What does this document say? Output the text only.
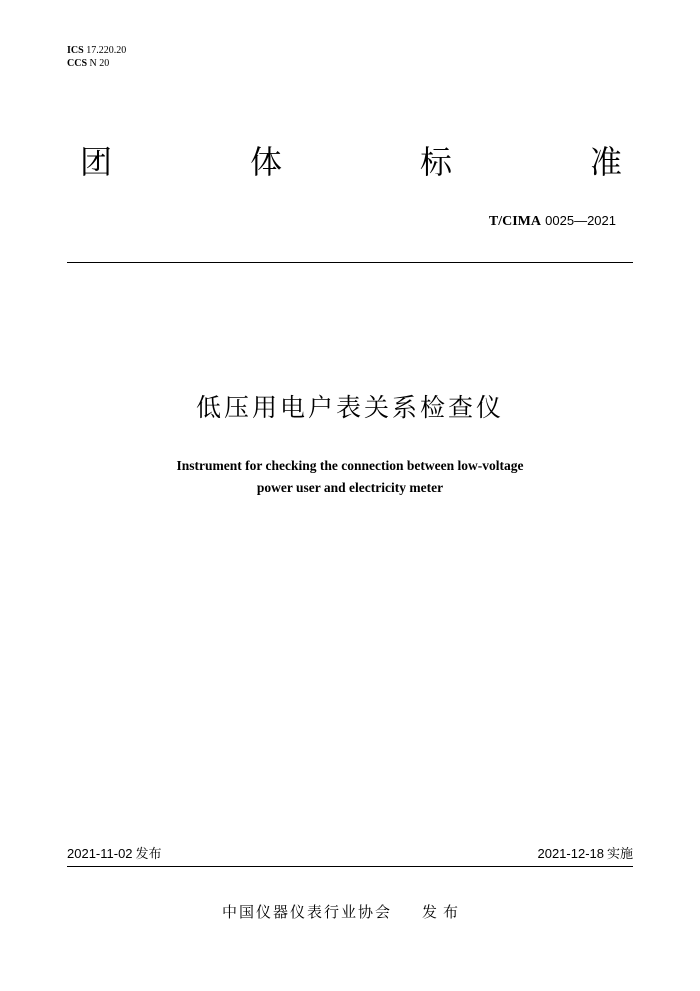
ICS 17.220.20
CCS N 20
团	体	标	准
T/CIMA 0025—2021
低压用电户表关系检查仪
Instrument for checking the connection between low-voltage
power user and electricity meter
2021-11-02 发布	2021-12-18 实施
中国仪器仪表行业协会 发布
